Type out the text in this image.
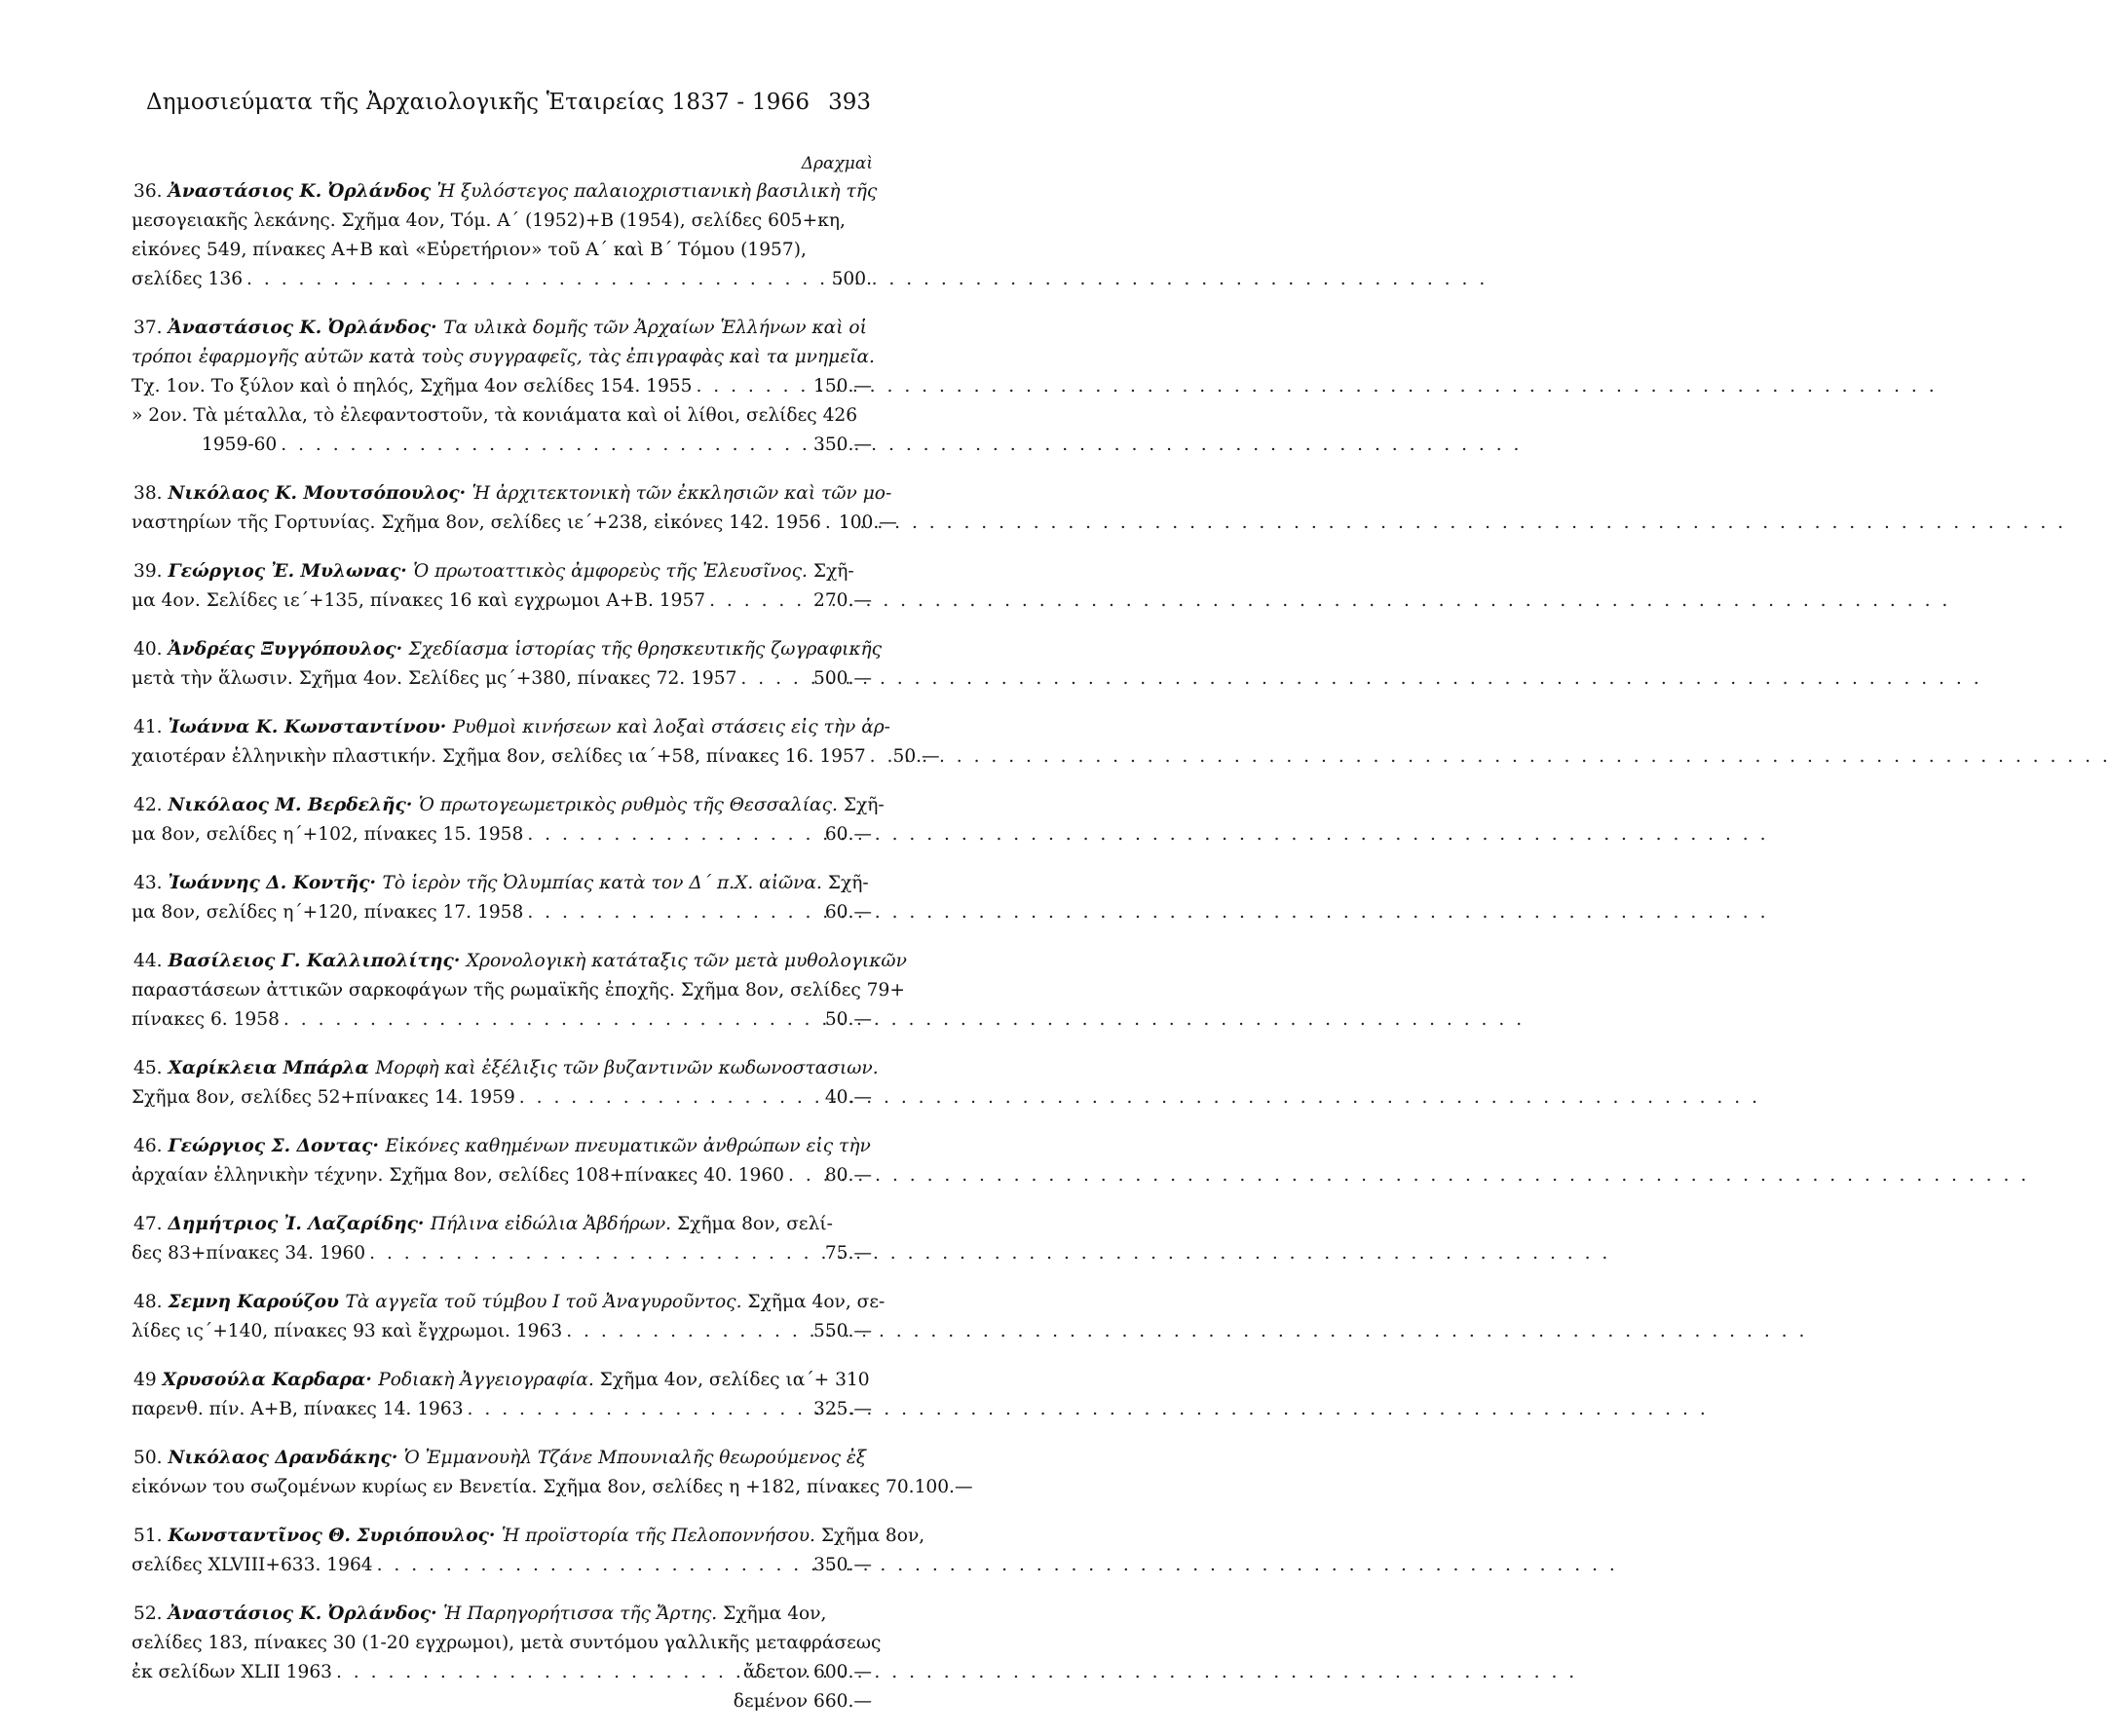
Δημοσιεύματα τῆς Ἀρχαιολογικῆς Ἑταιρείας 1837 - 1966 393
Δραχμαὶ
36. Ἀναστάσιος Κ. Ὀρλάνδος Ἡ ξυλόστεγος παλαιοχριστιανικὴ βασιλικὴ τῆς
μεσογειακῆς λεκάνης. Σχῆμα 4ον, Τόμ. Α΄ (1952)+Β (1954), σελίδες 605+κη,
εἰκόνες 549, πίνακες Α+Β καὶ «Εὑρετήριον» τοῦ Α΄ καὶ Β΄ Τόμου (1957),
σελίδες 136 . . .	500.
37. Ἀναστάσιος Κ. Ὀρλάνδος· Τα υλικὰ δομῆς τῶν Ἀρχαίων Ἑλλήνων καὶ οἱ
τρόποι ἐφαρμογῆς αὐτῶν κατὰ τοὺς συγγραφεῖς, τὰς ἐπιγραφὰς καὶ τα μνημεῖα.
Τχ. 1ον. Το ξύλον καὶ ὁ πηλός, Σχῆμα 4ον σελίδες 154. 1955 . . .	150.—
» 2ον. Τὰ μέταλλα, τὸ ἐλεφαντοστοῦν, τὰ κονιάματα καὶ οἱ λίθοι, σελίδες 426
1959-60 . . .	350.—
38. Νικόλαος Κ. Μουτσόπουλος· Ἡ ἀρχιτεκτονικὴ τῶν ἐκκλησιῶν καὶ τῶν μο-
ναστηρίων τῆς Γορτυνίας. Σχῆμα 8ον, σελίδες ιε΄+238, εἰκόνες 142. 1956 . . . 100.—
39. Γεώργιος Ἐ. Μυλωνας· Ὁ πρωτοαττικὸς ἀμφορεὺς τῆς Ἐλευσῖνος. Σχῆ-
μα 4ον. Σελίδες ιε΄+135, πίνακες 16 καὶ εγχρωμοι Α+Β. 1957 . . .	270.—
40. Ἀνδρέας Ξυγγόπουλος· Σχεδίασμα ἱστορίας τῆς θρησκευτικῆς ζωγραφικῆς
μετὰ τὴν ἅλωσιν. Σχῆμα 4ον. Σελίδες μς΄+380, πίνακες 72. 1957 . . .	500.—
41. Ἰωάννα Κ. Κωνσταντίνου· Ρυθμοὶ κινήσεων καὶ λοξαὶ στάσεις εἰς τὴν ἀρ-
χαιοτέραν ἑλληνικὴν πλαστικήν. Σχῆμα 8ον, σελίδες ια΄+58, πίνακες 16. 1957 . . .	50.—
42. Νικόλαος Μ. Βερδελῆς· Ὁ πρωτογεωμετρικὸς ρυθμὸς τῆς Θεσσαλίας. Σχῆ-
μα 8ον, σελίδες η΄+102, πίνακες 15. 1958 . . .	60.—
43. Ἰωάννης Δ. Κοντῆς· Τὸ ἱερὸν τῆς Ὀλυμπίας κατὰ τον Δ΄ π.Χ. αἰῶνα. Σχῆ-
μα 8ον, σελίδες η΄+120, πίνακες 17. 1958 . . .	60.—
44. Βασίλειος Γ. Καλλιπολίτης· Χρονολογικὴ κατάταξις τῶν μετὰ μυθολογικῶν
παραστάσεων ἀττικῶν σαρκοφάγων τῆς ρωμαϊκῆς ἐποχῆς. Σχῆμα 8ον, σελίδες 79+
πίνακες 6. 1958 . . .	50.—
45. Χαρίκλεια Μπάρλα Μορφὴ καὶ ἐξέλιξις τῶν βυζαντινῶν κωδωνοστασιων.
Σχῆμα 8ον, σελίδες 52+πίνακες 14. 1959 . . .	40.—
46. Γεώργιος Σ. Δοντας· Εἰκόνες καθημένων πνευματικῶν ἀνθρώπων εἰς τὴν
ἀρχαίαν ἑλληνικὴν τέχνην. Σχῆμα 8ον, σελίδες 108+πίνακες 40. 1960 . . .	80.—
47. Δημήτριος Ἰ. Λαζαρίδης· Πήλινα εἰδώλια Ἀβδήρων. Σχῆμα 8ον, σελί-
δες 83+πίνακες 34. 1960 . . .	75.—
48. Σεμνη Καρούζου Τὰ αγγεῖα τοῦ τύμβου Ι τοῦ Ἀναγυροῦντος. Σχῆμα 4ον, σε-
λίδες ις΄+140, πίνακες 93 καὶ ἔγχρωμοι. 1963 . . .	550.—
49 Χρυσούλα Καρδαρα· Ροδιακὴ Ἀγγειογραφία. Σχῆμα 4ον, σελίδες ια΄+ 310
παρενθ. πίν. Α+Β, πίνακες 14. 1963 . . .	325.—
50. Νικόλαος Δρανδάκης· Ὁ Ἐμμανουὴλ Τζάνε Μπουνιαλῆς θεωρούμενος ἐξ
εἰκόνων του σωζομένων κυρίως εν Βενετία. Σχῆμα 8ον, σελίδες η +182, πίνακες 70. 100.—
51. Κωνσταντῖνος Θ. Συριόπουλος· Ἡ προϊστορία τῆς Πελοποννήσου. Σχῆμα 8ον,
σελίδες XLVIII+633. 1964 . . .	350.—
52. Ἀναστάσιος Κ. Ὀρλάνδος· Ἡ Παρηγορήτισσα τῆς Ἄρτης. Σχῆμα 4ον,
σελίδες 183, πίνακες 30 (1-20 εγχρωμοι), μετὰ συντόμου γαλλικῆς μεταφράσεως
ἐκ σελίδων XLII 1963 . . .	ἄδετον 600.—
δεμένον 660.—
